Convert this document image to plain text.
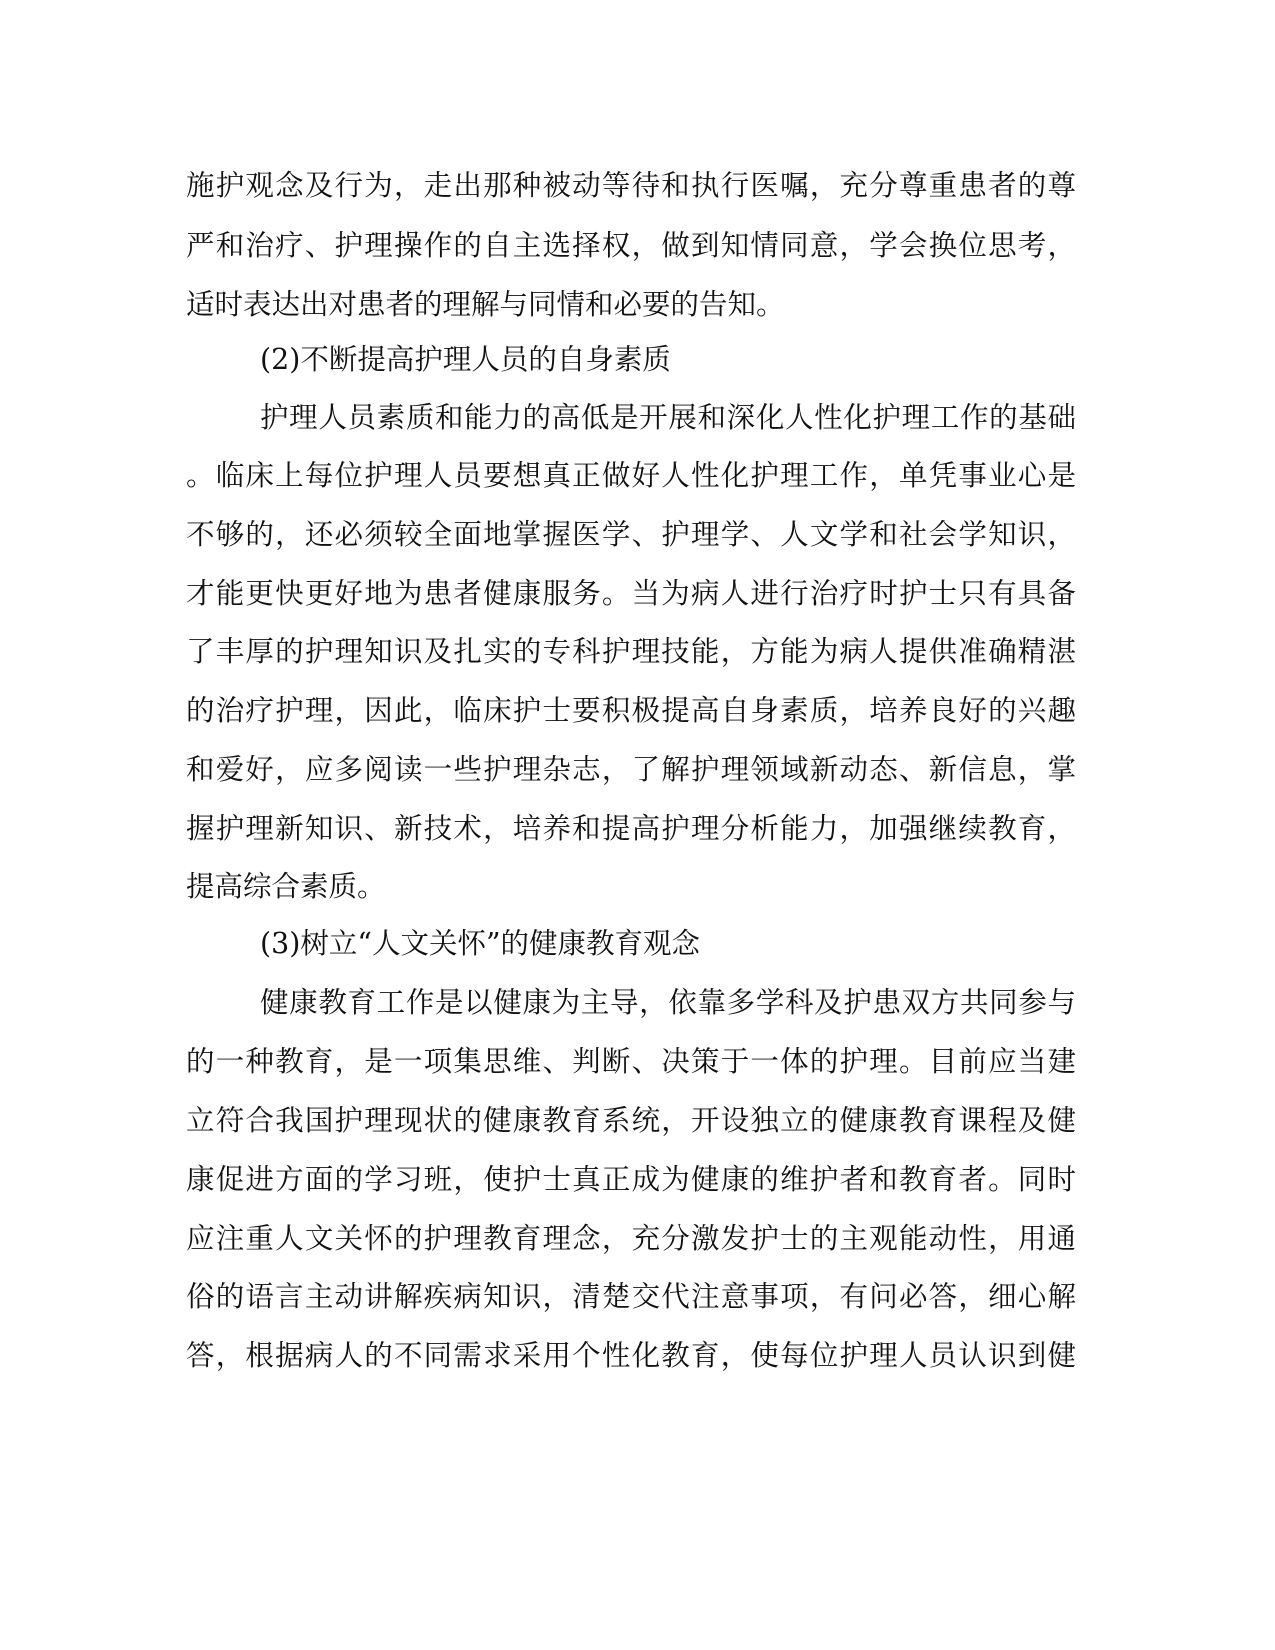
施护观念及行为，走出那种被动等待和执行医嘱，充分尊重患者的尊
严和治疗、护理操作的自主选择权，做到知情同意，学会换位思考，
适时表达出对患者的理解与同情和必要的告知。
(2)不断提高护理人员的自身素质
护理人员素质和能力的高低是开展和深化人性化护理工作的基础
。临床上每位护理人员要想真正做好人性化护理工作，单凭事业心是
不够的，还必须较全面地掌握医学、护理学、人文学和社会学知识，
才能更快更好地为患者健康服务。当为病人进行治疗时护士只有具备
了丰厚的护理知识及扎实的专科护理技能，方能为病人提供准确精湛
的治疗护理，因此，临床护士要积极提高自身素质，培养良好的兴趣
和爱好，应多阅读一些护理杂志，了解护理领域新动态、新信息，掌
握护理新知识、新技术，培养和提高护理分析能力，加强继续教育，
提高综合素质。
(3)树立“人文关怀”的健康教育观念
健康教育工作是以健康为主导，依靠多学科及护患双方共同参与
的一种教育，是一项集思维、判断、决策于一体的护理。目前应当建
立符合我国护理现状的健康教育系统，开设独立的健康教育课程及健
康促进方面的学习班，使护士真正成为健康的维护者和教育者。同时
应注重人文关怀的护理教育理念，充分激发护士的主观能动性，用通
俗的语言主动讲解疾病知识，清楚交代注意事项，有问必答，细心解
答，根据病人的不同需求采用个性化教育，使每位护理人员认识到健
